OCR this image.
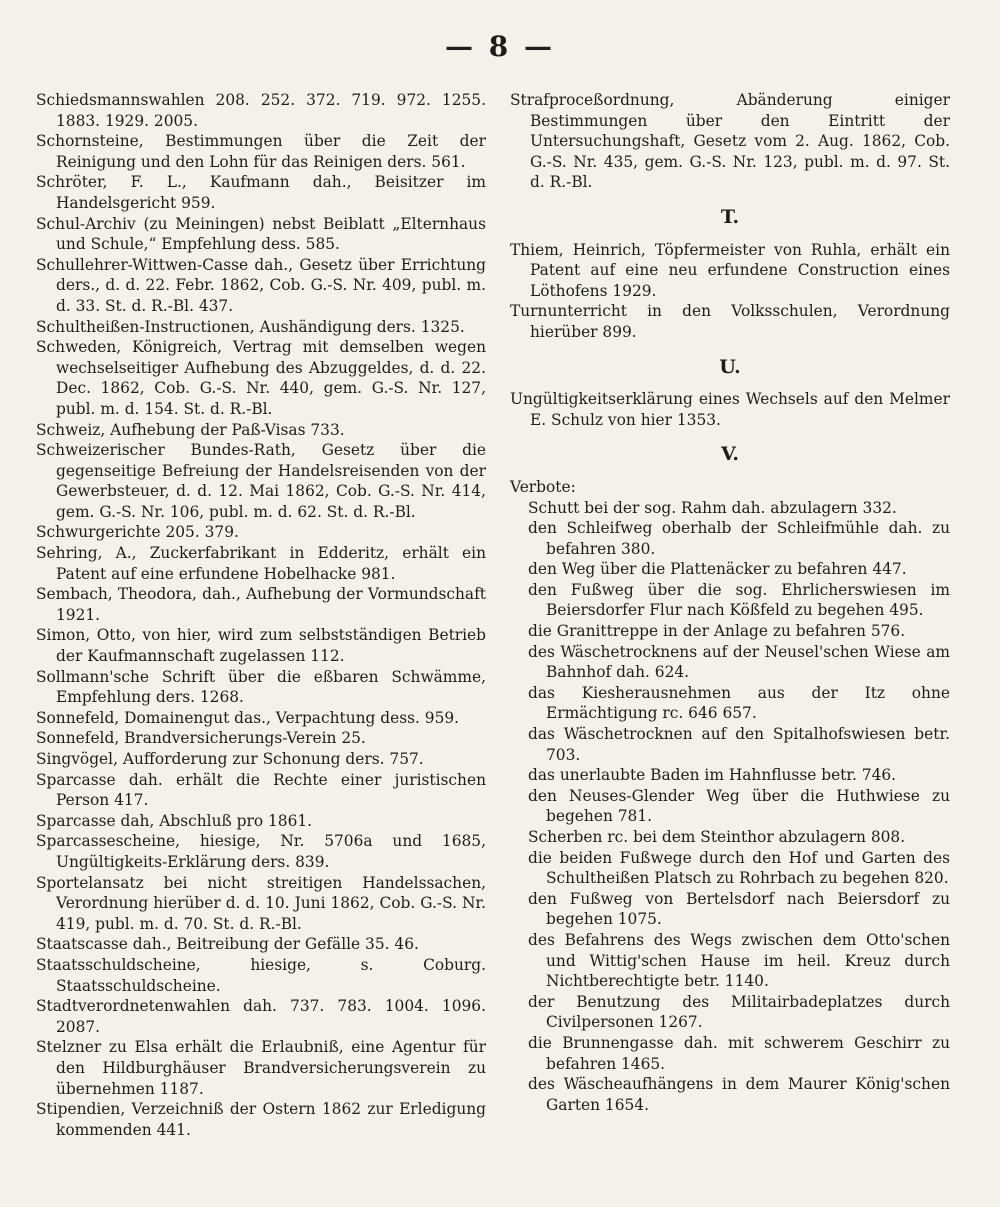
— 8 —

Schiedsmannswahlen 208. 252. 372. 719. 972. 1255. 1883. 1929. 2005.

Schornsteine, Bestimmungen über die Zeit der Reinigung und den Lohn für das Reinigen ders. 561.

Schröter, F. L., Kaufmann dah., Beisitzer im Handelsgericht 959.

Schul-Archiv (zu Meiningen) nebst Beiblatt „Elternhaus und Schule,“ Empfehlung dess. 585.

Schullehrer-Wittwen-Casse dah., Gesetz über Errichtung ders., d. d. 22. Febr. 1862, Cob. G.-S. Nr. 409, publ. m. d. 33. St. d. R.-Bl. 437.

Schultheißen-Instructionen, Aushändigung ders. 1325.

Schweden, Königreich, Vertrag mit demselben wegen wechselseitiger Aufhebung des Abzuggeldes, d. d. 22. Dec. 1862, Cob. G.-S. Nr. 440, gem. G.-S. Nr. 127, publ. m. d. 154. St. d. R.-Bl.

Schweiz, Aufhebung der Paß-Visas 733.

Schweizerischer Bundes-Rath, Gesetz über die gegenseitige Befreiung der Handelsreisenden von der Gewerbsteuer, d. d. 12. Mai 1862, Cob. G.-S. Nr. 414, gem. G.-S. Nr. 106, publ. m. d. 62. St. d. R.-Bl.

Schwurgerichte 205. 379.

Sehring, A., Zuckerfabrikant in Edderitz, erhält ein Patent auf eine erfundene Hobelhacke 981.

Sembach, Theodora, dah., Aufhebung der Vormundschaft 1921.

Simon, Otto, von hier, wird zum selbstständigen Betrieb der Kaufmannschaft zugelassen 112.

Sollmann'sche Schrift über die eßbaren Schwämme, Empfehlung ders. 1268.

Sonnefeld, Domainengut das., Verpachtung dess. 959.

Sonnefeld, Brandversicherungs-Verein 25.

Singvögel, Aufforderung zur Schonung ders. 757.

Sparcasse dah. erhält die Rechte einer juristischen Person 417.

Sparcasse dah, Abschluß pro 1861.

Sparcassescheine, hiesige, Nr. 5706a und 1685, Ungültigkeits-Erklärung ders. 839.

Sportelansatz bei nicht streitigen Handelssachen, Verordnung hierüber d. d. 10. Juni 1862, Cob. G.-S. Nr. 419, publ. m. d. 70. St. d. R.-Bl.

Staatscasse dah., Beitreibung der Gefälle 35. 46.

Staatsschuldscheine, hiesige, s. Coburg. Staatsschuldscheine.

Stadtverordnetenwahlen dah. 737. 783. 1004. 1096. 2087.

Stelzner zu Elsa erhält die Erlaubniß, eine Agentur für den Hildburghäuser Brandversicherungsverein zu übernehmen 1187.

Stipendien, Verzeichniß der Ostern 1862 zur Erledigung kommenden 441.

Strafproceßordnung, Abänderung einiger Bestimmungen über den Eintritt der Untersuchungshaft, Gesetz vom 2. Aug. 1862, Cob. G.-S. Nr. 435, gem. G.-S. Nr. 123, publ. m. d. 97. St. d. R.-Bl.

T.

Thiem, Heinrich, Töpfermeister von Ruhla, erhält ein Patent auf eine neu erfundene Construction eines Löthofens 1929.

Turnunterricht in den Volksschulen, Verordnung hierüber 899.

U.

Ungültigkeitserklärung eines Wechsels auf den Melmer E. Schulz von hier 1353.

V.

Verbote:

Schutt bei der sog. Rahm dah. abzulagern 332.

den Schleifweg oberhalb der Schleifmühle dah. zu befahren 380.

den Weg über die Plattenäcker zu befahren 447.

den Fußweg über die sog. Ehrlicherswiesen im Beiersdorfer Flur nach Kößfeld zu begehen 495.

die Granittreppe in der Anlage zu befahren 576.

des Wäschetrocknens auf der Neusel'schen Wiese am Bahnhof dah. 624.

das Kiesherausnehmen aus der Itz ohne Ermächtigung rc. 646 657.

das Wäschetrocknen auf den Spitalhofswiesen betr. 703.

das unerlaubte Baden im Hahnflusse betr. 746.

den Neuses-Glender Weg über die Huthwiese zu begehen 781.

Scherben rc. bei dem Steinthor abzulagern 808.

die beiden Fußwege durch den Hof und Garten des Schultheißen Platsch zu Rohrbach zu begehen 820.

den Fußweg von Bertelsdorf nach Beiersdorf zu begehen 1075.

des Befahrens des Wegs zwischen dem Otto'schen und Wittig'schen Hause im heil. Kreuz durch Nichtberechtigte betr. 1140.

der Benutzung des Militairbadeplatzes durch Civilpersonen 1267.

die Brunnengasse dah. mit schwerem Geschirr zu befahren 1465.

des Wäscheaufhängens in dem Maurer König'schen Garten 1654.
